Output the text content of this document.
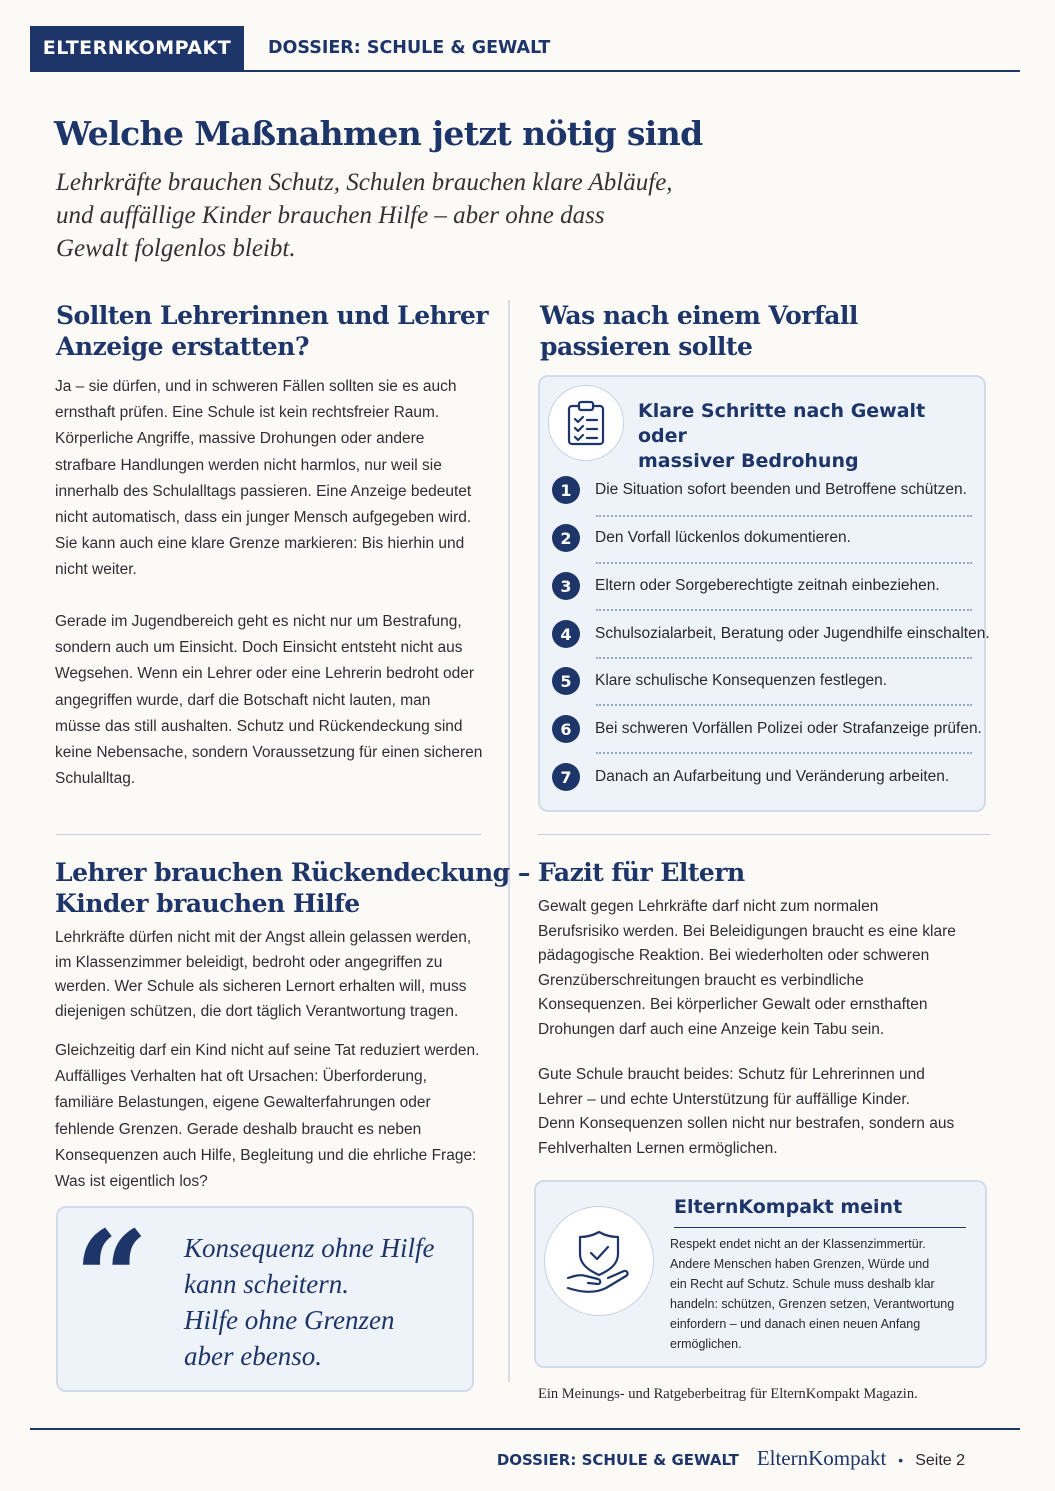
ELTERNKOMPAKT	DOSSIER: SCHULE & GEWALT
Welche Maßnahmen jetzt nötig sind
Lehrkräfte brauchen Schutz, Schulen brauchen klare Abläufe,
und auffällige Kinder brauchen Hilfe – aber ohne dass
Gewalt folgenlos bleibt.
Sollten Lehrerinnen und Lehrer
Anzeige erstatten?
Ja – sie dürfen, und in schweren Fällen sollten sie es auch
ernsthaft prüfen. Eine Schule ist kein rechtsfreier Raum.
Körperliche Angriffe, massive Drohungen oder andere
strafbare Handlungen werden nicht harmlos, nur weil sie
innerhalb des Schulalltags passieren. Eine Anzeige bedeutet
nicht automatisch, dass ein junger Mensch aufgegeben wird.
Sie kann auch eine klare Grenze markieren: Bis hierhin und
nicht weiter.
Gerade im Jugendbereich geht es nicht nur um Bestrafung,
sondern auch um Einsicht. Doch Einsicht entsteht nicht aus
Wegsehen. Wenn ein Lehrer oder eine Lehrerin bedroht oder
angegriffen wurde, darf die Botschaft nicht lauten, man
müsse das still aushalten. Schutz und Rückendeckung sind
keine Nebensache, sondern Voraussetzung für einen sicheren
Schulalltag.
Was nach einem Vorfall
passieren sollte
Klare Schritte nach Gewalt oder
massiver Bedrohung
1	Die Situation sofort beenden und Betroffene schützen.
2	Den Vorfall lückenlos dokumentieren.
3	Eltern oder Sorgeberechtigte zeitnah einbeziehen.
4	Schulsozialarbeit, Beratung oder Jugendhilfe einschalten.
5	Klare schulische Konsequenzen festlegen.
6	Bei schweren Vorfällen Polizei oder Strafanzeige prüfen.
7	Danach an Aufarbeitung und Veränderung arbeiten.
Lehrer brauchen Rückendeckung –
Kinder brauchen Hilfe
Lehrkräfte dürfen nicht mit der Angst allein gelassen werden,
im Klassenzimmer beleidigt, bedroht oder angegriffen zu
werden. Wer Schule als sicheren Lernort erhalten will, muss
diejenigen schützen, die dort täglich Verantwortung tragen.
Gleichzeitig darf ein Kind nicht auf seine Tat reduziert werden.
Auffälliges Verhalten hat oft Ursachen: Überforderung,
familiäre Belastungen, eigene Gewalterfahrungen oder
fehlende Grenzen. Gerade deshalb braucht es neben
Konsequenzen auch Hilfe, Begleitung und die ehrliche Frage:
Was ist eigentlich los?
“ Konsequenz ohne Hilfe
kann scheitern.
Hilfe ohne Grenzen
aber ebenso.
Fazit für Eltern
Gewalt gegen Lehrkräfte darf nicht zum normalen
Berufsrisiko werden. Bei Beleidigungen braucht es eine klare
pädagogische Reaktion. Bei wiederholten oder schweren
Grenzüberschreitungen braucht es verbindliche
Konsequenzen. Bei körperlicher Gewalt oder ernsthaften
Drohungen darf auch eine Anzeige kein Tabu sein.
Gute Schule braucht beides: Schutz für Lehrerinnen und
Lehrer – und echte Unterstützung für auffällige Kinder.
Denn Konsequenzen sollen nicht nur bestrafen, sondern aus
Fehlverhalten Lernen ermöglichen.
ElternKompakt meint
Respekt endet nicht an der Klassenzimmertür.
Andere Menschen haben Grenzen, Würde und
ein Recht auf Schutz. Schule muss deshalb klar
handeln: schützen, Grenzen setzen, Verantwortung
einfordern – und danach einen neuen Anfang
ermöglichen.
Ein Meinungs- und Ratgeberbeitrag für ElternKompakt Magazin.
DOSSIER: SCHULE & GEWALT ElternKompakt • Seite 2
